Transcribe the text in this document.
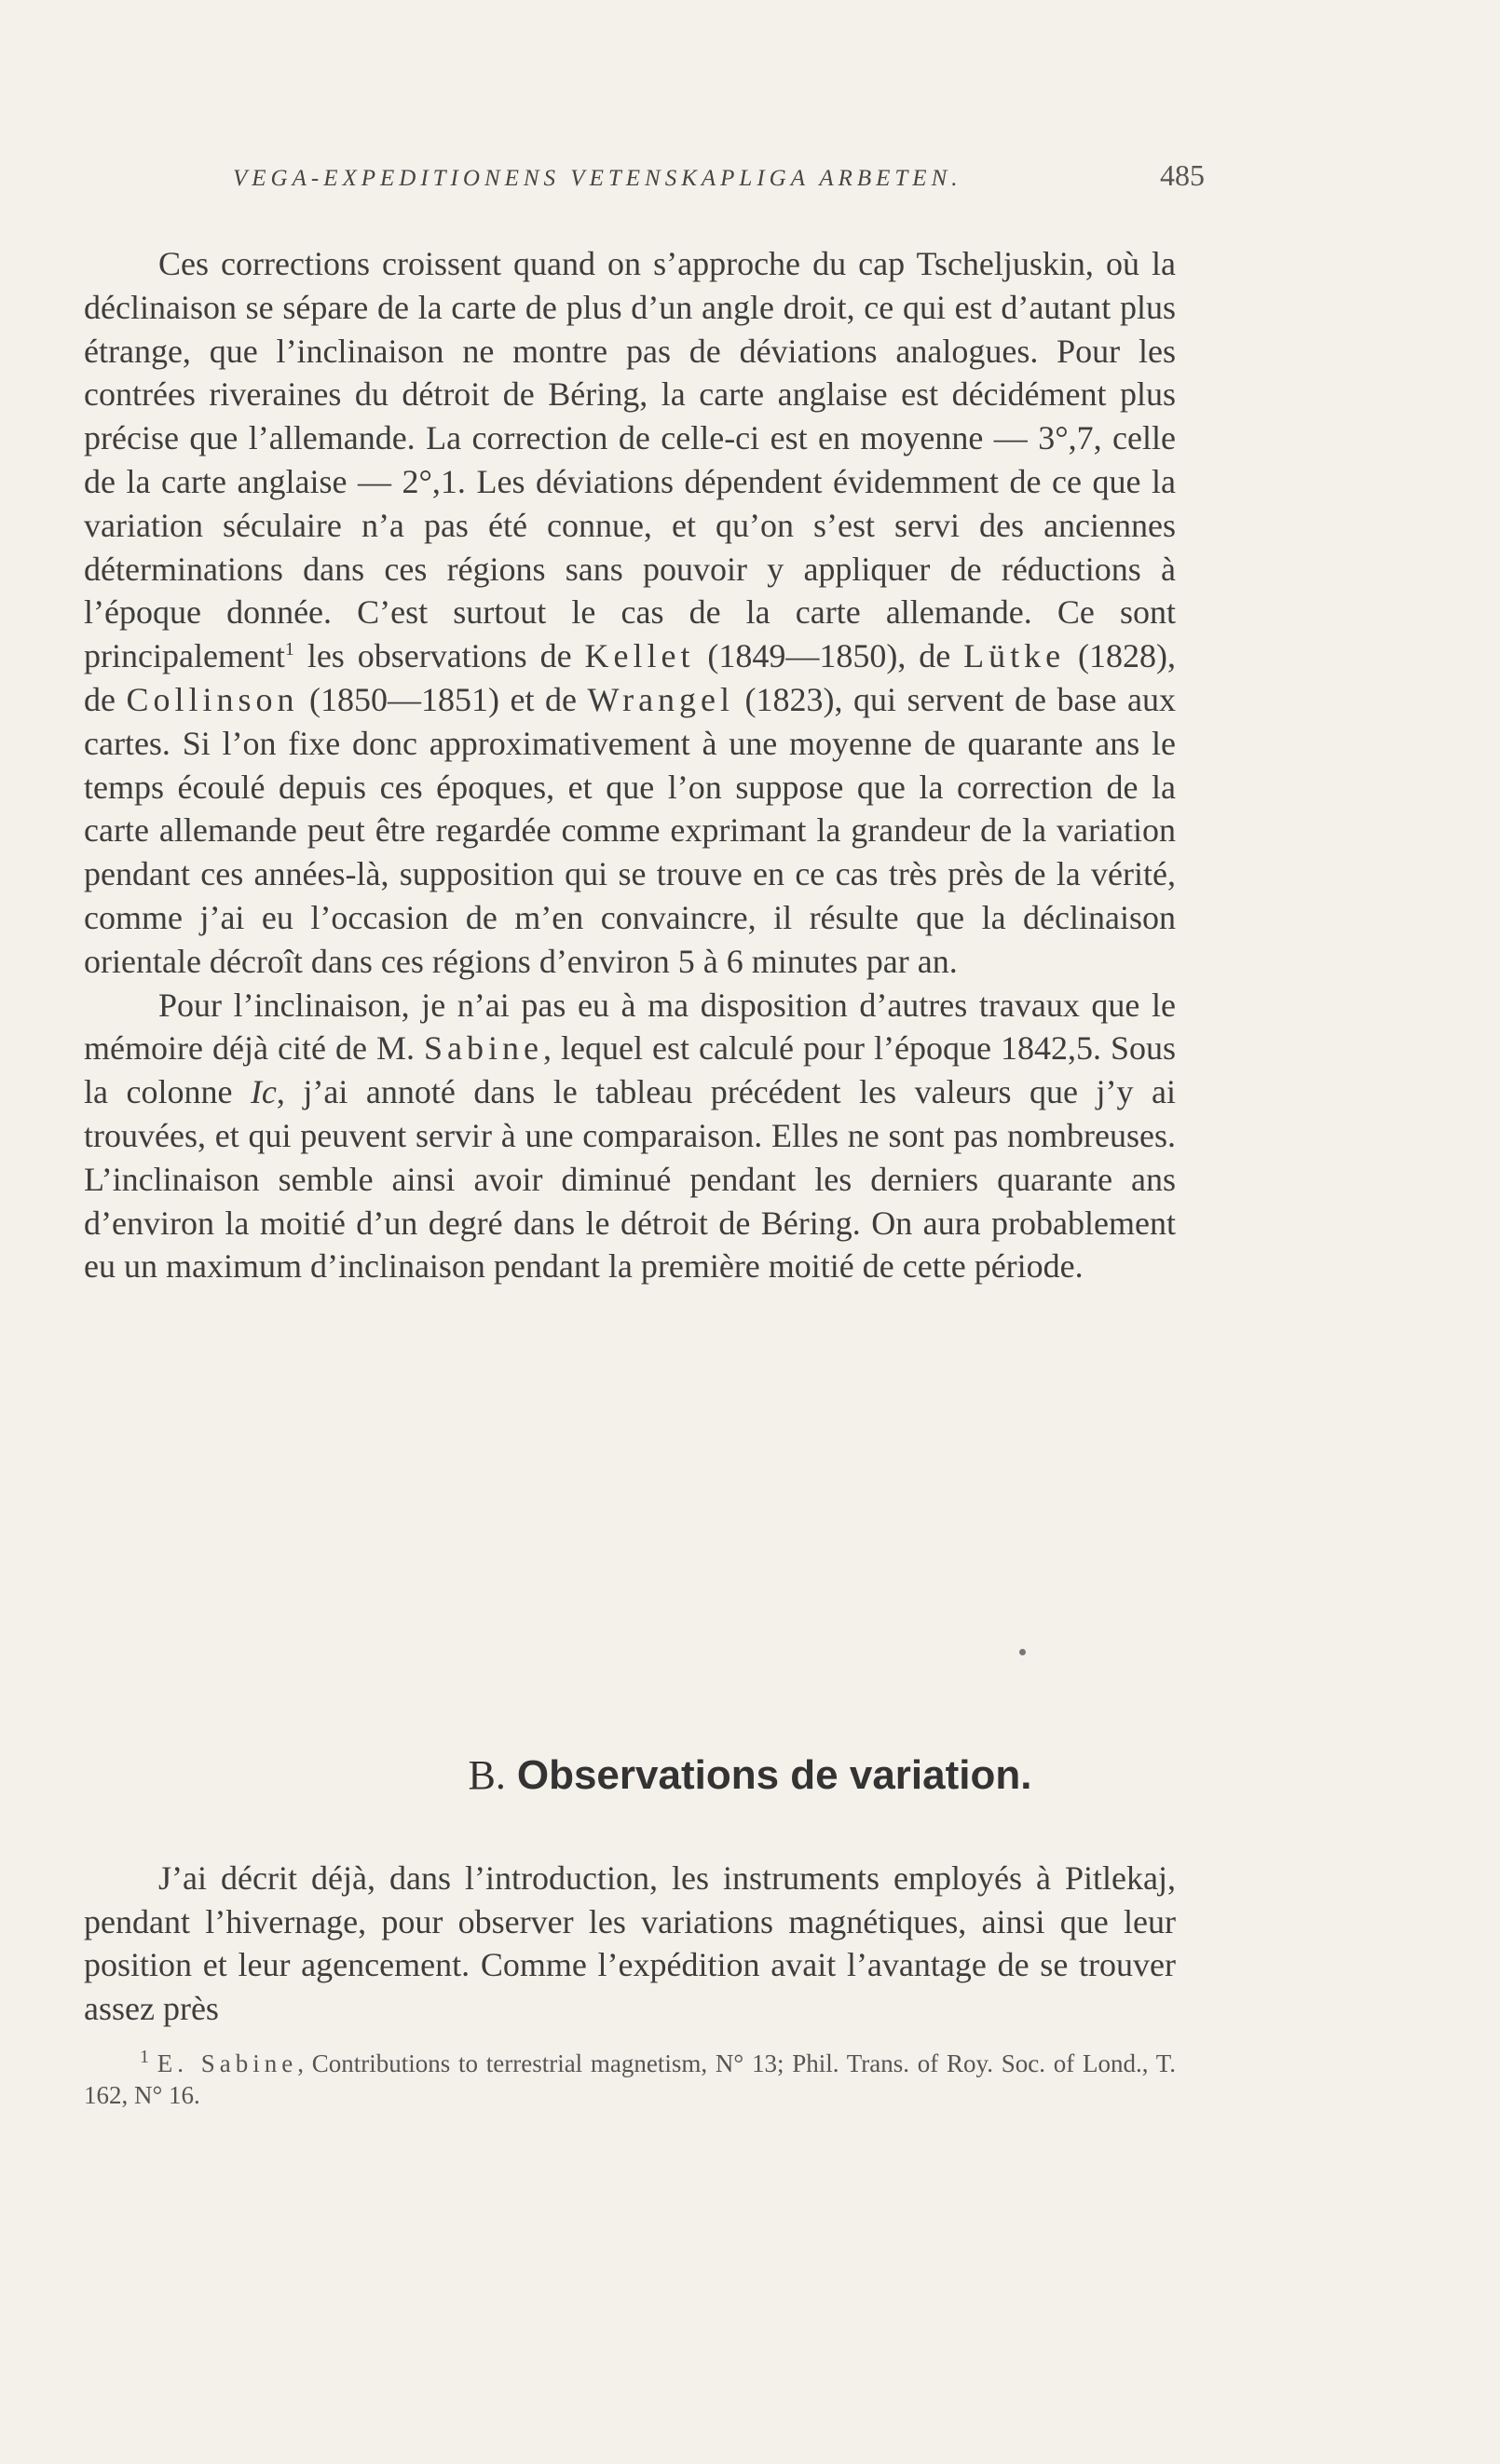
VEGA-EXPEDITIONENS VETENSKAPLIGA ARBETEN.	485

Ces corrections croissent quand on s’approche du cap Tscheljuskin, où la déclinaison se sépare de la carte de plus d’un angle droit, ce qui est d’autant plus étrange, que l’inclinaison ne montre pas de déviations analogues. Pour les contrées riveraines du détroit de Béring, la carte anglaise est décidément plus précise que l’allemande. La correction de celle-ci est en moyenne — 3°,7, celle de la carte anglaise — 2°,1. Les déviations dépendent évidemment de ce que la variation séculaire n’a pas été connue, et qu’on s’est servi des anciennes déterminations dans ces régions sans pouvoir y appliquer de réductions à l’époque donnée. C’est surtout le cas de la carte allemande. Ce sont principalement$^1$ les observations de Kellet (1849—1850), de Lütke (1828), de Collinson (1850—1851) et de Wrangel (1823), qui servent de base aux cartes. Si l’on fixe donc approximativement à une moyenne de quarante ans le temps écoulé depuis ces époques, et que l’on suppose que la correction de la carte allemande peut être regardée comme exprimant la grandeur de la variation pendant ces années-là, supposition qui se trouve en ce cas très près de la vérité, comme j’ai eu l’occasion de m’en convaincre, il résulte que la déclinaison orientale décroît dans ces régions d’environ 5 à 6 minutes par an.

Pour l’inclinaison, je n’ai pas eu à ma disposition d’autres travaux que le mémoire déjà cité de M. Sabine, lequel est calculé pour l’époque 1842,5. Sous la colonne Ic, j’ai annoté dans le tableau précédent les valeurs que j’y ai trouvées, et qui peuvent servir à une comparaison. Elles ne sont pas nombreuses. L’inclinaison semble ainsi avoir diminué pendant les derniers quarante ans d’environ la moitié d’un degré dans le détroit de Béring. On aura probablement eu un maximum d’inclinaison pendant la première moitié de cette période.

B. Observations de variation.

J’ai décrit déjà, dans l’introduction, les instruments employés à Pitlekaj, pendant l’hivernage, pour observer les variations magnétiques, ainsi que leur position et leur agencement. Comme l’expédition avait l’avantage de se trouver assez près

$^1$ E. Sabine, Contributions to terrestrial magnetism, N° 13; Phil. Trans. of Roy. Soc. of Lond., T. 162, N° 16.
